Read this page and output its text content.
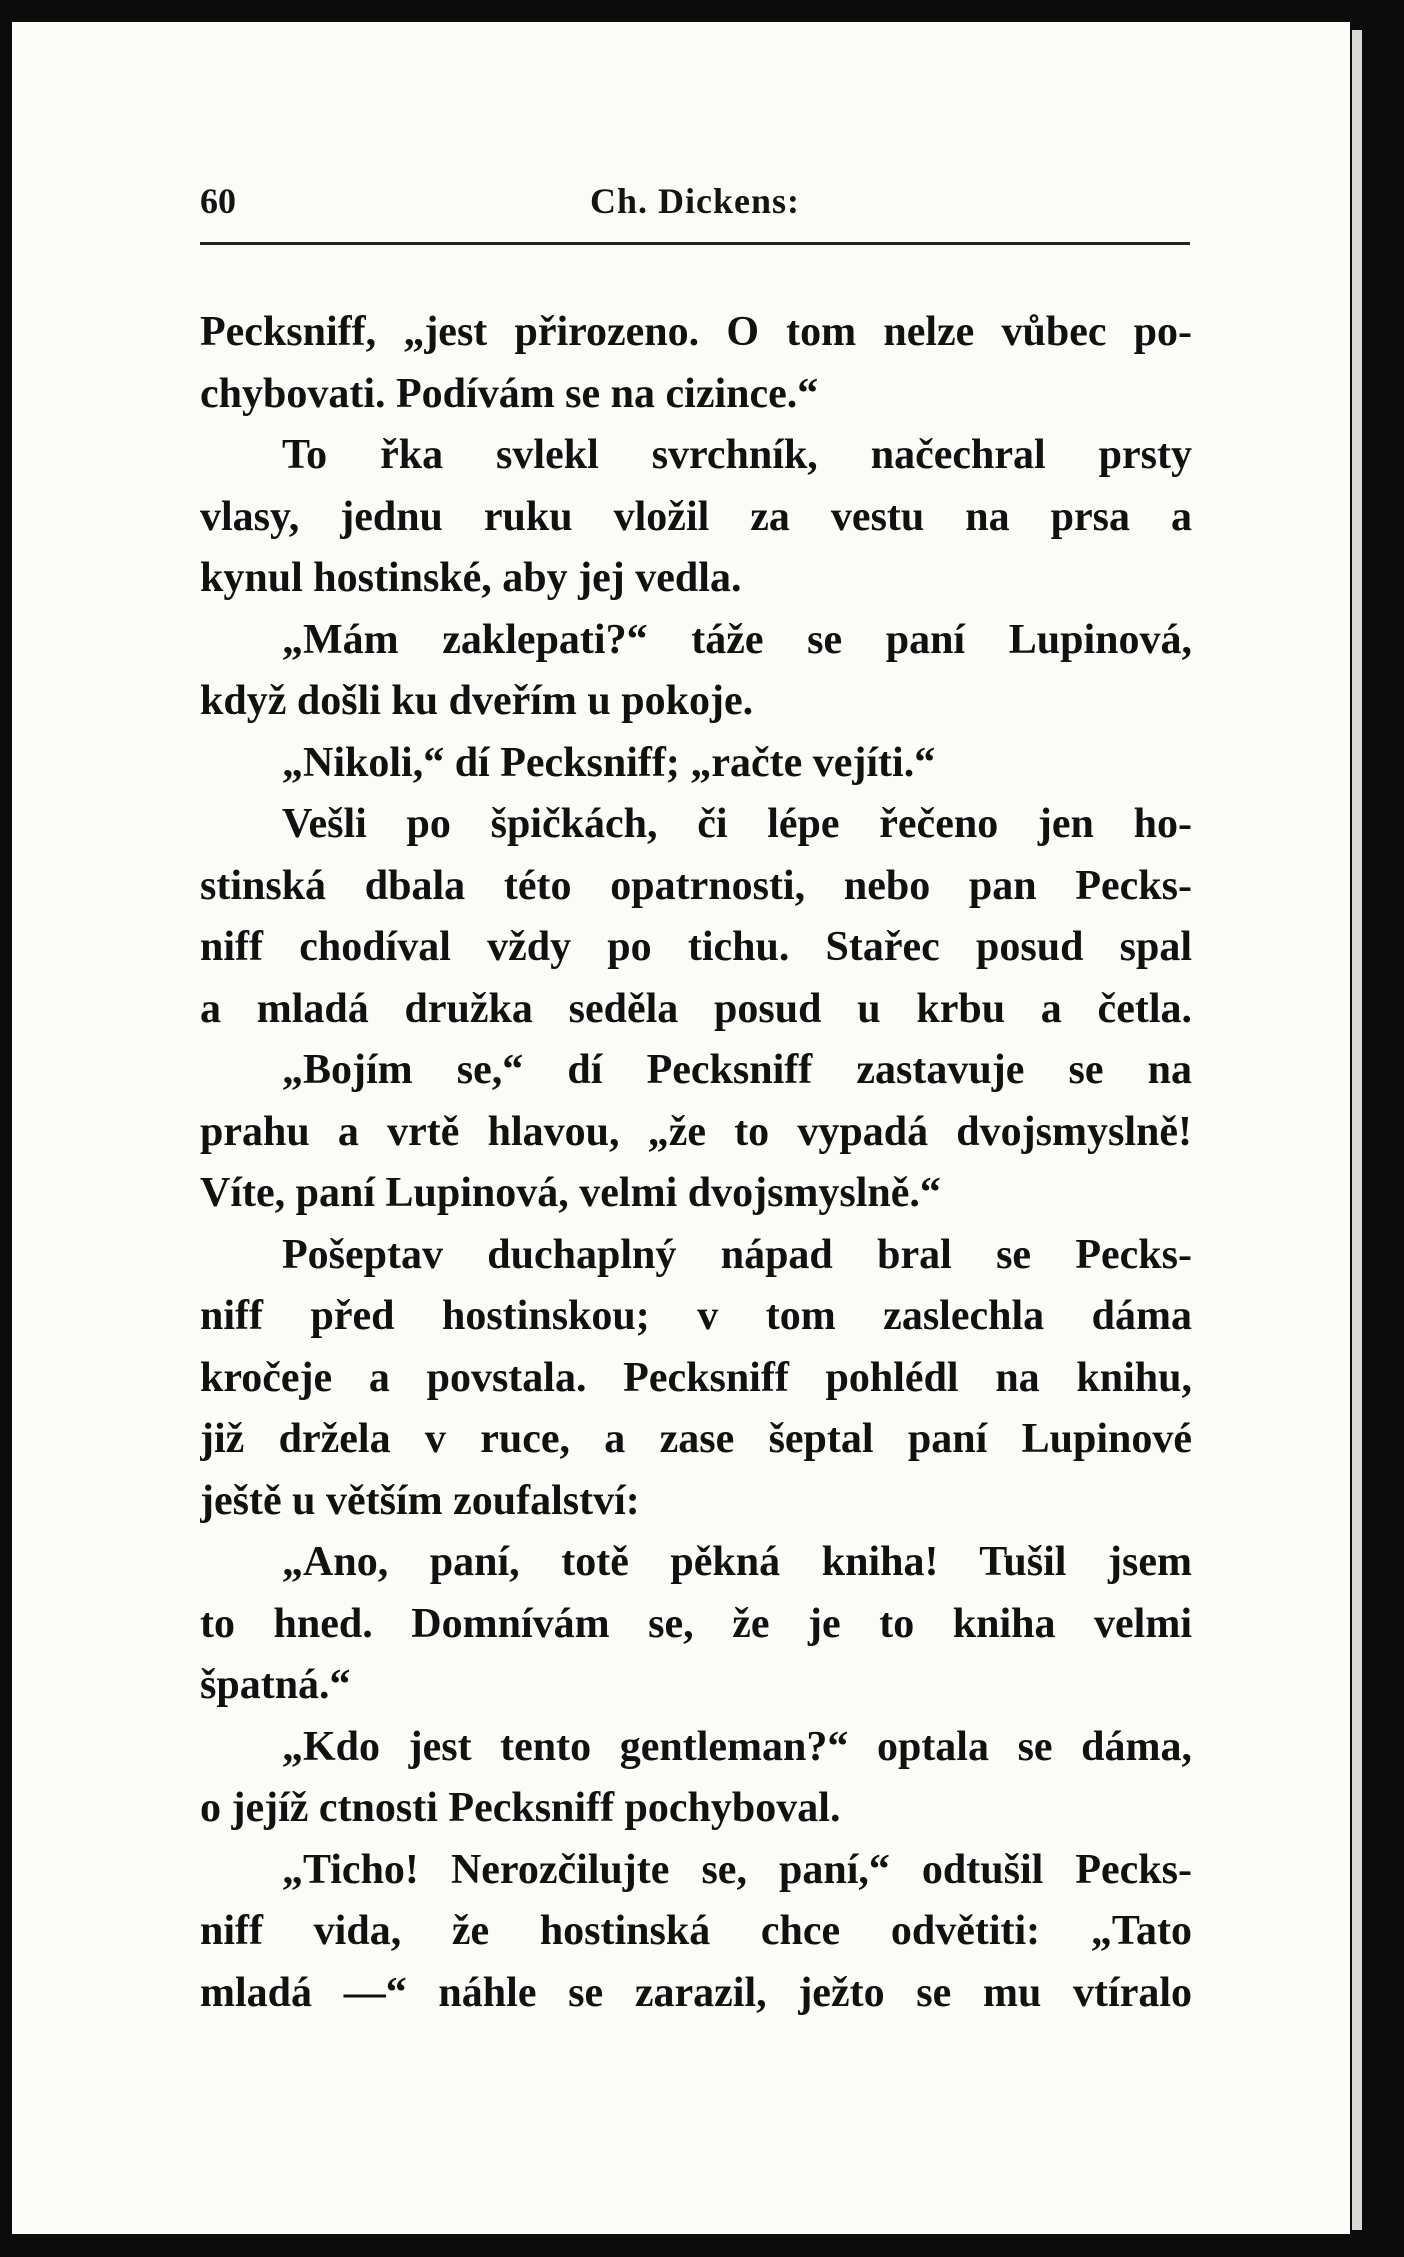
60	Ch. Dickens:
Pecksniff, „jest přirozeno. O tom nelze vůbec po-
chybovati. Podívám se na cizince.“
To řka svlekl svrchník, načechral prsty
vlasy, jednu ruku vložil za vestu na prsa a
kynul hostinské, aby jej vedla.
„Mám zaklepati?“ táže se paní Lupinová,
když došli ku dveřím u pokoje.
„Nikoli,“ dí Pecksniff; „račte vejíti.“
Vešli po špičkách, či lépe řečeno jen ho-
stinská dbala této opatrnosti, nebo pan Pecks-
niff chodíval vždy po tichu. Stařec posud spal
a mladá družka seděla posud u krbu a četla.
„Bojím se,“ dí Pecksniff zastavuje se na
prahu a vrtě hlavou, „že to vypadá dvojsmyslně!
Víte, paní Lupinová, velmi dvojsmyslně.“
Pošeptav duchaplný nápad bral se Pecks-
niff před hostinskou; v tom zaslechla dáma
kročeje a povstala. Pecksniff pohlédl na knihu,
již držela v ruce, a zase šeptal paní Lupinové
ještě u větším zoufalství:
„Ano, paní, totě pěkná kniha! Tušil jsem
to hned. Domnívám se, že je to kniha velmi
špatná.“
„Kdo jest tento gentleman?“ optala se dáma,
o jejíž ctnosti Pecksniff pochyboval.
„Ticho! Nerozčilujte se, paní,“ odtušil Pecks-
niff vida, že hostinská chce odvětiti: „Tato
mladá —“ náhle se zarazil, ježto se mu vtíralo
